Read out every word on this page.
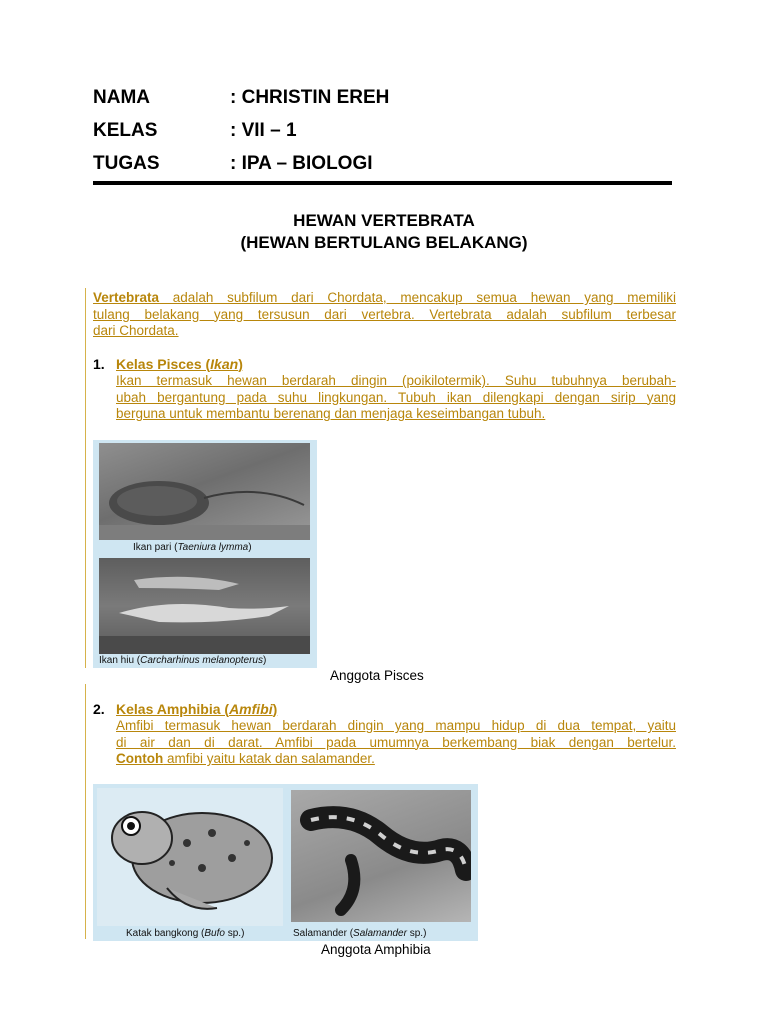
NAMA	: CHRISTIN EREH
KELAS	: VII – 1
TUGAS	: IPA – BIOLOGI
HEWAN VERTEBRATA
(HEWAN BERTULANG BELAKANG)
Vertebrata adalah subfilum dari Chordata, mencakup semua hewan yang memiliki
tulang belakang yang tersusun dari vertebra. Vertebrata adalah subfilum terbesar
dari Chordata.
1. Kelas Pisces (Ikan)
Ikan termasuk hewan berdarah dingin (poikilotermik). Suhu tubuhnya berubah-
ubah bergantung pada suhu lingkungan. Tubuh ikan dilengkapi dengan sirip yang
berguna untuk membantu berenang dan menjaga keseimbangan tubuh.
Ikan pari (Taeniura lymma)
Ikan hiu (Carcharhinus melanopterus)
Anggota Pisces
2. Kelas Amphibia (Amfibi)
Amfibi termasuk hewan berdarah dingin yang mampu hidup di dua tempat, yaitu
di air dan di darat. Amfibi pada umumnya berkembang biak dengan bertelur.
Contoh amfibi yaitu katak dan salamander.
Katak bangkong (Bufo sp.)	Salamander (Salamander sp.)
Anggota Amphibia
